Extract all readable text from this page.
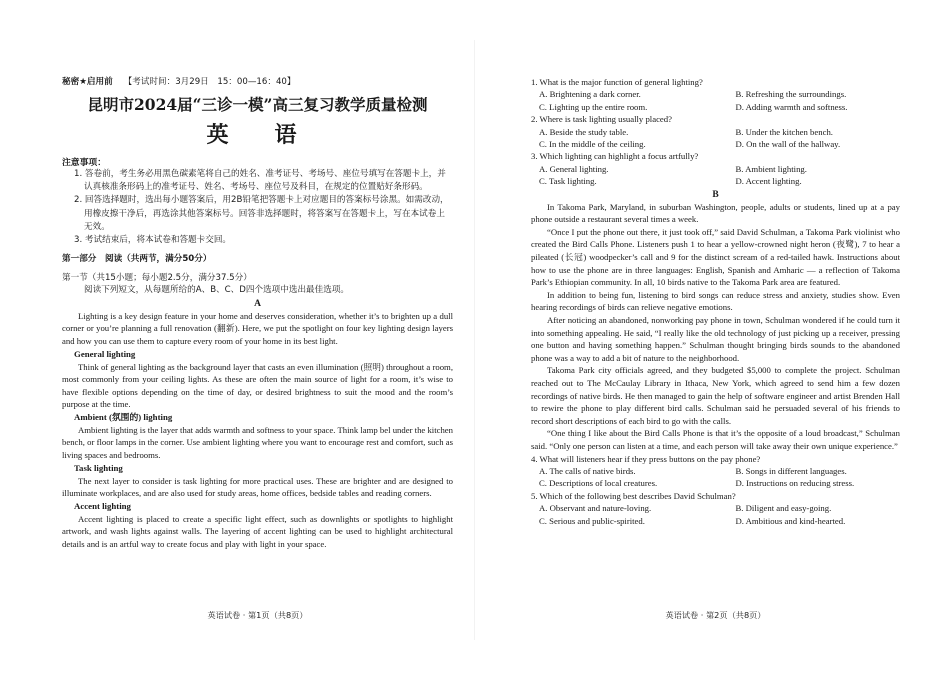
秘密★启用前 【考试时间：3月29日　15：00—16：40】
昆明市2024届“三诊一模”高三复习教学质量检测
英　语
注意事项：
1. 答卷前，考生务必用黑色碳素笔将自己的姓名、准考证号、考场号、座位号填写在答题卡上，并认真核准条形码上的准考证号、姓名、考场号、座位号及科目，在规定的位置贴好条形码。
2. 回答选择题时，选出每小题答案后，用2B铅笔把答题卡上对应题目的答案标号涂黑。如需改动，用橡皮擦干净后，再选涂其他答案标号。回答非选择题时，将答案写在答题卡上，写在本试卷上无效。
3. 考试结束后，将本试卷和答题卡交回。
第一部分　阅读（共两节，满分50分）
第一节（共15小题；每小题2.5分，满分37.5分）
阅读下列短文，从每题所给的A、B、C、D四个选项中选出最佳选项。
A

Lighting is a key design feature in your home and deserves consideration, whether it’s to brighten up a dull corner or you’re planning a full renovation (翻新). Here, we put the spotlight on four key lighting design layers and how you can use them to capture every room of your home in its best light.

General lighting

Think of general lighting as the background layer that casts an even illumination (照明) throughout a room, most commonly from your ceiling lights. As these are often the main source of light for a room, it’s wise to have flexible options depending on the time of day, or desired brightness to suit the mood and the room’s purpose at the time.

Ambient (氛围的) lighting

Ambient lighting is the layer that adds warmth and softness to your space. Think lamp bel under the kitchen bench, or floor lamps in the corner. Use ambient lighting where you want to encourage rest and comfort, such as living spaces and bedrooms.

Task lighting

The next layer to consider is task lighting for more practical uses. These are brighter and are designed to illuminate workplaces, and are also used for study areas, home offices, bedside tables and reading corners.

Accent lighting

Accent lighting is placed to create a specific light effect, such as downlights or spotlights to highlight artwork, and wash lights against walls. The layering of accent lighting can be used to highlight architectural details and is an artful way to create focus and play with light in your space.

英语试卷 · 第1页（共8页）
1. What is the major function of general lighting?
A. Brightening a dark corner.	B. Refreshing the surroundings.
C. Lighting up the entire room.	D. Adding warmth and softness.
2. Where is task lighting usually placed?
A. Beside the study table.	B. Under the kitchen bench.
C. In the middle of the ceiling.	D. On the wall of the hallway.
3. Which lighting can highlight a focus artfully?
A. General lighting.	B. Ambient lighting.
C. Task lighting.	D. Accent lighting.
B

In Takoma Park, Maryland, in suburban Washington, people, adults or students, lined up at a pay phone outside a restaurant several times a week.

“Once I put the phone out there, it just took off,” said David Schulman, a Takoma Park violinist who created the Bird Calls Phone. Listeners push 1 to hear a yellow-crowned night heron (夜鹭), 7 to hear a pileated (长冠) woodpecker’s call and 9 for the distinct scream of a red-tailed hawk. Instructions about how to use the phone are in three languages: English, Spanish and Amharic — a reflection of Takoma Park’s Ethiopian community. In all, 10 birds native to the Takoma Park area are featured.

In addition to being fun, listening to bird songs can reduce stress and anxiety, studies show. Even hearing recordings of birds can relieve negative emotions.

After noticing an abandoned, nonworking pay phone in town, Schulman wondered if he could turn it into something appealing. He said, “I really like the old technology of just picking up a receiver, pressing one button and having something happen.” Schulman thought bringing birds sounds to the abandoned phone was a way to add a bit of nature to the neighborhood.

Takoma Park city officials agreed, and they budgeted $5,000 to complete the project. Schulman reached out to The McCaulay Library in Ithaca, New York, which agreed to send him a few dozen recordings of native birds. He then managed to gain the help of software engineer and artist Brenden Hall to rewire the phone to play different bird calls. Schulman said he persuaded several of his friends to record short descriptions of each bird to go with the calls.

“One thing I like about the Bird Calls Phone is that it’s the opposite of a loud broadcast,” Schulman said. “Only one person can listen at a time, and each person will take away their own unique experience.”

4. What will listeners hear if they press buttons on the pay phone?
A. The calls of native birds.	B. Songs in different languages.
C. Descriptions of local creatures.	D. Instructions on reducing stress.
5. Which of the following best describes David Schulman?
A. Observant and nature-loving.	B. Diligent and easy-going.
C. Serious and public-spirited.	D. Ambitious and kind-hearted.
英语试卷 · 第2页（共8页）
